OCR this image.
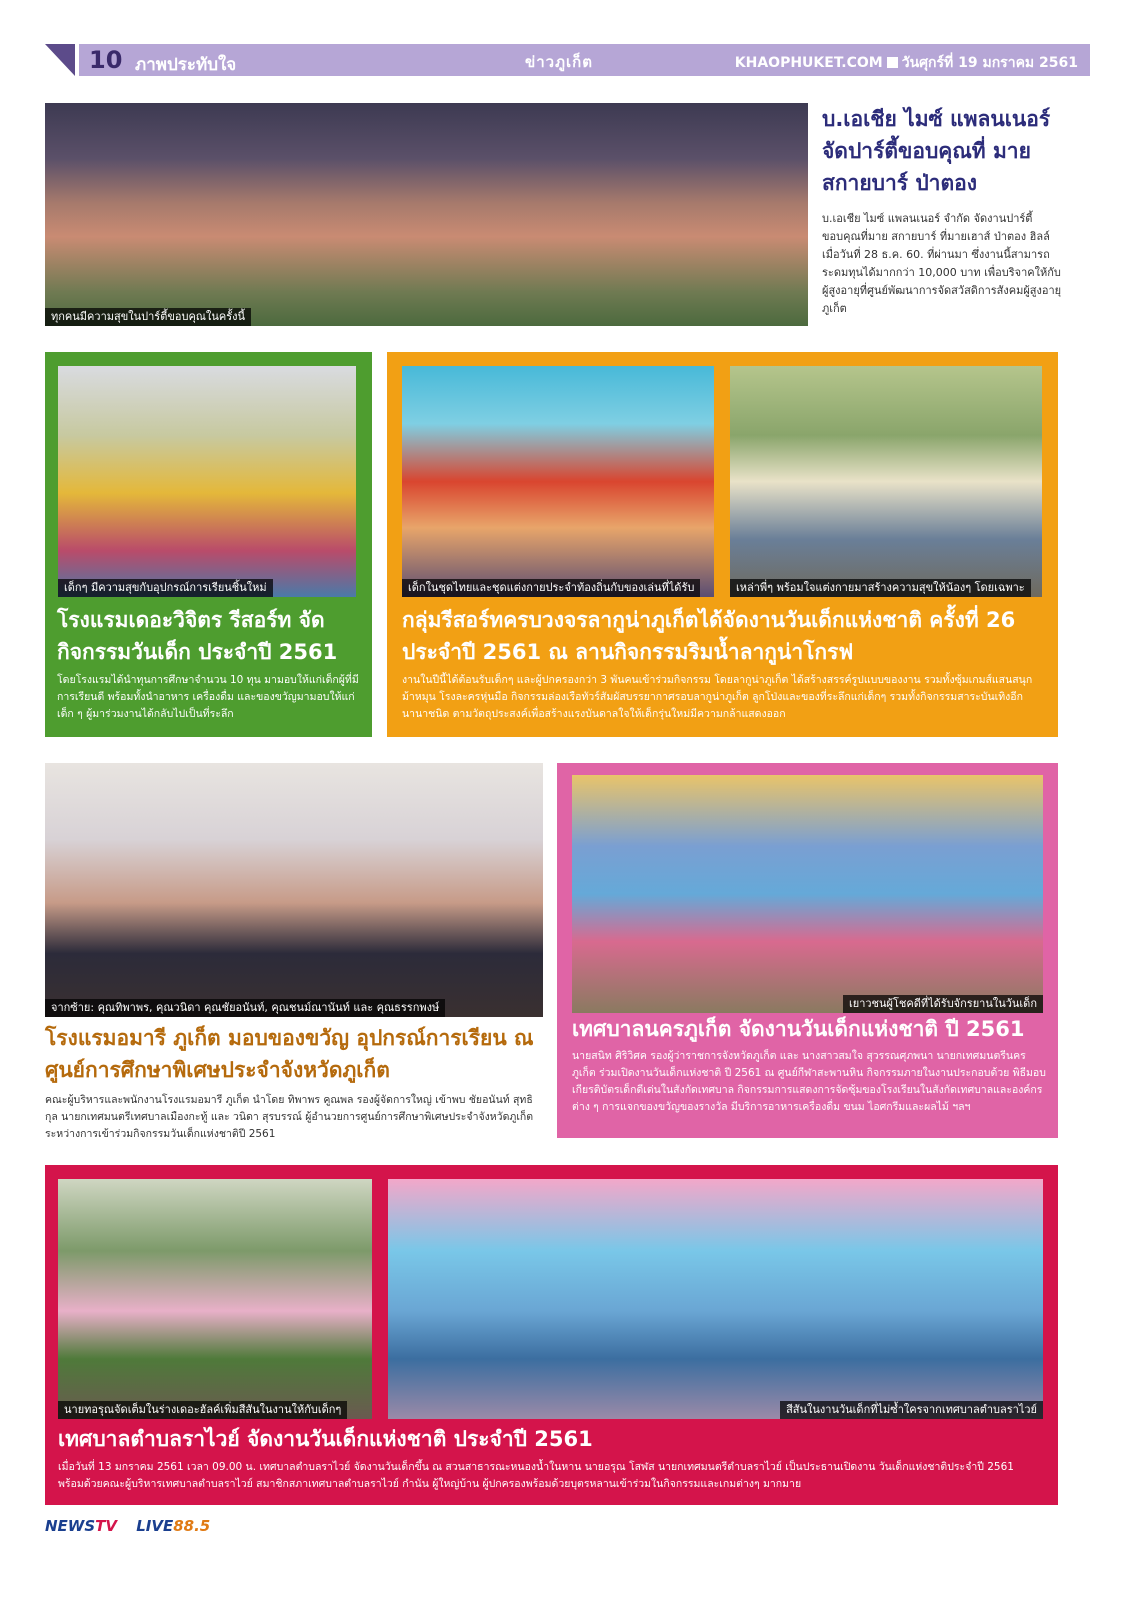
10 ภาพประทับใจ	ข่าวภูเก็ต	KHAOPHUKET.COM วันศุกร์ที่ 19 มกราคม 2561
ทุกคนมีความสุขในปาร์ตี้ขอบคุณในครั้งนี้
บ.เอเชีย ไมซ์ แพลนเนอร์ จัดปาร์ตี้ขอบคุณที่ มาย สกายบาร์ ป่าตอง
บ.เอเชีย ไมซ์ แพลนเนอร์ จำกัด จัดงานปาร์ตี้ขอบคุณที่มาย สกายบาร์ ที่มายเฮาส์ ป่าตอง ฮิลล์ เมื่อวันที่ 28 ธ.ค. 60. ที่ผ่านมา ซึ่งงานนี้สามารถระดมทุนได้มากกว่า 10,000 บาท เพื่อบริจาคให้กับผู้สูงอายุที่ศูนย์พัฒนาการจัดสวัสดิการสังคมผู้สูงอายุภูเก็ต
เด็กๆ มีความสุขกับอุปกรณ์การเรียนชิ้นใหม่
โรงแรมเดอะวิจิตร รีสอร์ท จัดกิจกรรมวันเด็ก ประจำปี 2561
โดยโรงแรมได้นำทุนการศึกษาจำนวน 10 ทุน มามอบให้แก่เด็กผู้ที่มีการเรียนดี พร้อมทั้งนำอาหาร เครื่องดื่ม และของขวัญมามอบให้แก่เด็ก ๆ ผู้มาร่วมงานได้กลับไปเป็นที่ระลึก
เด็กในชุดไทยและชุดแต่งกายประจำท้องถิ่นกับของเล่นที่ได้รับ	เหล่าพี่ๆ พร้อมใจแต่งกายมาสร้างความสุขให้น้องๆ โดยเฉพาะ
กลุ่มรีสอร์ทครบวงจรลากูน่าภูเก็ตได้จัดงานวันเด็กแห่งชาติ ครั้งที่ 26 ประจำปี 2561 ณ ลานกิจกรรมริมน้ำลากูน่าโกรฟ
งานในปีนี้ได้ต้อนรับเด็กๆ และผู้ปกครองกว่า 3 พันคนเข้าร่วมกิจกรรม โดยลากูน่าภูเก็ต ได้สร้างสรรค์รูปแบบของงาน รวมทั้งซุ้มเกมส์แสนสนุก ม้าหมุน โรงละครหุ่นมือ กิจกรรมล่องเรือทัวร์สัมผัสบรรยากาศรอบลากูน่าภูเก็ต ลูกโป่งและของที่ระลึกแก่เด็กๆ รวมทั้งกิจกรรมสาระบันเทิงอีกนานาชนิด ตามวัตถุประสงค์เพื่อสร้างแรงบันดาลใจให้เด็กรุ่นใหม่มีความกล้าแสดงออก
จากซ้าย: คุณทิพาพร, คุณวนิดา คุณชัยอนันท์, คุณชนม์ณานันท์ และ คุณธรรกพงษ์
โรงแรมอมารี ภูเก็ต มอบของขวัญ อุปกรณ์การเรียน ณ ศูนย์การศึกษาพิเศษประจำจังหวัดภูเก็ต
คณะผู้บริหารและพนักงานโรงแรมอมารี ภูเก็ต นำโดย ทิพาพร คูณพล รองผู้จัดการใหญ่ เข้าพบ ชัยอนันท์ สุทธิกุล นายกเทศมนตรีเทศบาลเมืองกะทู้ และ วนิดา สุรบรรณ์ ผู้อำนวยการศูนย์การศึกษาพิเศษประจำจังหวัดภูเก็ต ระหว่างการเข้าร่วมกิจกรรมวันเด็กแห่งชาติปี 2561
เยาวชนผู้โชคดีที่ได้รับจักรยานในวันเด็ก
เทศบาลนครภูเก็ต จัดงานวันเด็กแห่งชาติ ปี 2561
นายสนิท ศิริวิศค รองผู้ว่าราชการจังหวัดภูเก็ต และ นางสาวสมใจ สุวรรณศุภพนา นายกเทศมนตรีนครภูเก็ต ร่วมเปิดงานวันเด็กแห่งชาติ ปี 2561 ณ ศูนย์กีฬาสะพานหิน กิจกรรมภายในงานประกอบด้วย พิธีมอบเกียรติบัตรเด็กดีเด่นในสังกัดเทศบาล กิจกรรมการแสดงการจัดซุ้มของโรงเรียนในสังกัดเทศบาลและองค์กรต่าง ๆ การแจกของขวัญของรางวัล มีบริการอาหารเครื่องดื่ม ขนม ไอศกรีมและผลไม้ ฯลฯ
นายทอรุณจัดเต็มในร่างเดอะฮัลค์เพิ่มสีสันในงานให้กับเด็กๆ	สีสันในงานวันเด็กที่ไม่ซ้ำใครจากเทศบาลตำบลราไวย์
เทศบาลตำบลราไวย์ จัดงานวันเด็กแห่งชาติ ประจำปี 2561
เมื่อวันที่ 13 มกราคม 2561 เวลา 09.00 น. เทศบาลตำบลราไวย์ จัดงานวันเด็กขึ้น ณ สวนสาธารณะหนองน้ำในหาน นายอรุณ โสฬส นายกเทศมนตรีตำบลราไวย์ เป็นประธานเปิดงาน วันเด็กแห่งชาติประจำปี 2561 พร้อมด้วยคณะผู้บริหารเทศบาลตำบลราไวย์ สมาชิกสภาเทศบาลตำบลราไวย์ กำนัน ผู้ใหญ่บ้าน ผู้ปกครองพร้อมด้วยบุตรหลานเข้าร่วมในกิจกรรมและเกมต่างๆ มากมาย
NEWSTV LIVE88.5
